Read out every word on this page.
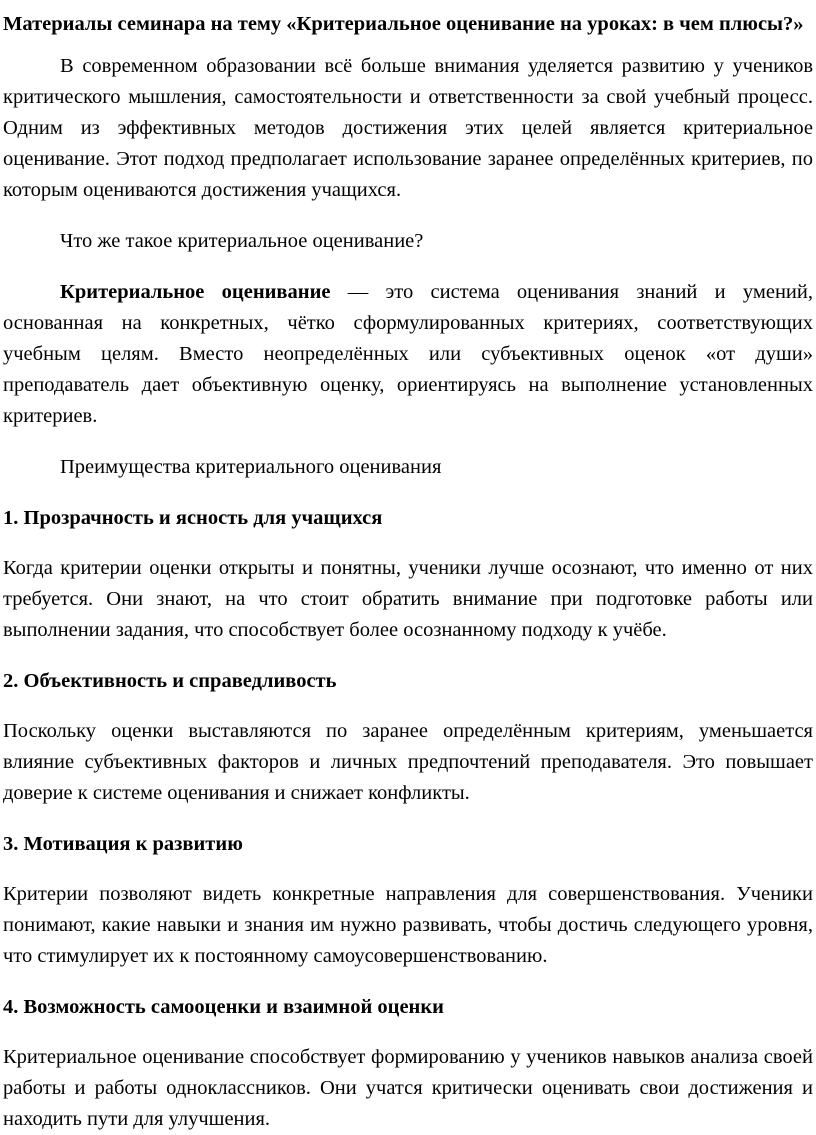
Материалы семинара на тему «Критериальное оценивание на уроках: в чем плюсы?»

В современном образовании всё больше внимания уделяется развитию у учеников критического мышления, самостоятельности и ответственности за свой учебный процесс. Одним из эффективных методов достижения этих целей является критериальное оценивание. Этот подход предполагает использование заранее определённых критериев, по которым оцениваются достижения учащихся.

Что же такое критериальное оценивание?

Критериальное оценивание — это система оценивания знаний и умений, основанная на конкретных, чётко сформулированных критериях, соответствующих учебным целям. Вместо неопределённых или субъективных оценок «от души» преподаватель дает объективную оценку, ориентируясь на выполнение установленных критериев.

Преимущества критериального оценивания

1. Прозрачность и ясность для учащихся

Когда критерии оценки открыты и понятны, ученики лучше осознают, что именно от них требуется. Они знают, на что стоит обратить внимание при подготовке работы или выполнении задания, что способствует более осознанному подходу к учёбе.

2. Объективность и справедливость

Поскольку оценки выставляются по заранее определённым критериям, уменьшается влияние субъективных факторов и личных предпочтений преподавателя. Это повышает доверие к системе оценивания и снижает конфликты.

3. Мотивация к развитию

Критерии позволяют видеть конкретные направления для совершенствования. Ученики понимают, какие навыки и знания им нужно развивать, чтобы достичь следующего уровня, что стимулирует их к постоянному самоусовершенствованию.

4. Возможность самооценки и взаимной оценки

Критериальное оценивание способствует формированию у учеников навыков анализа своей работы и работы одноклассников. Они учатся критически оценивать свои достижения и находить пути для улучшения.
